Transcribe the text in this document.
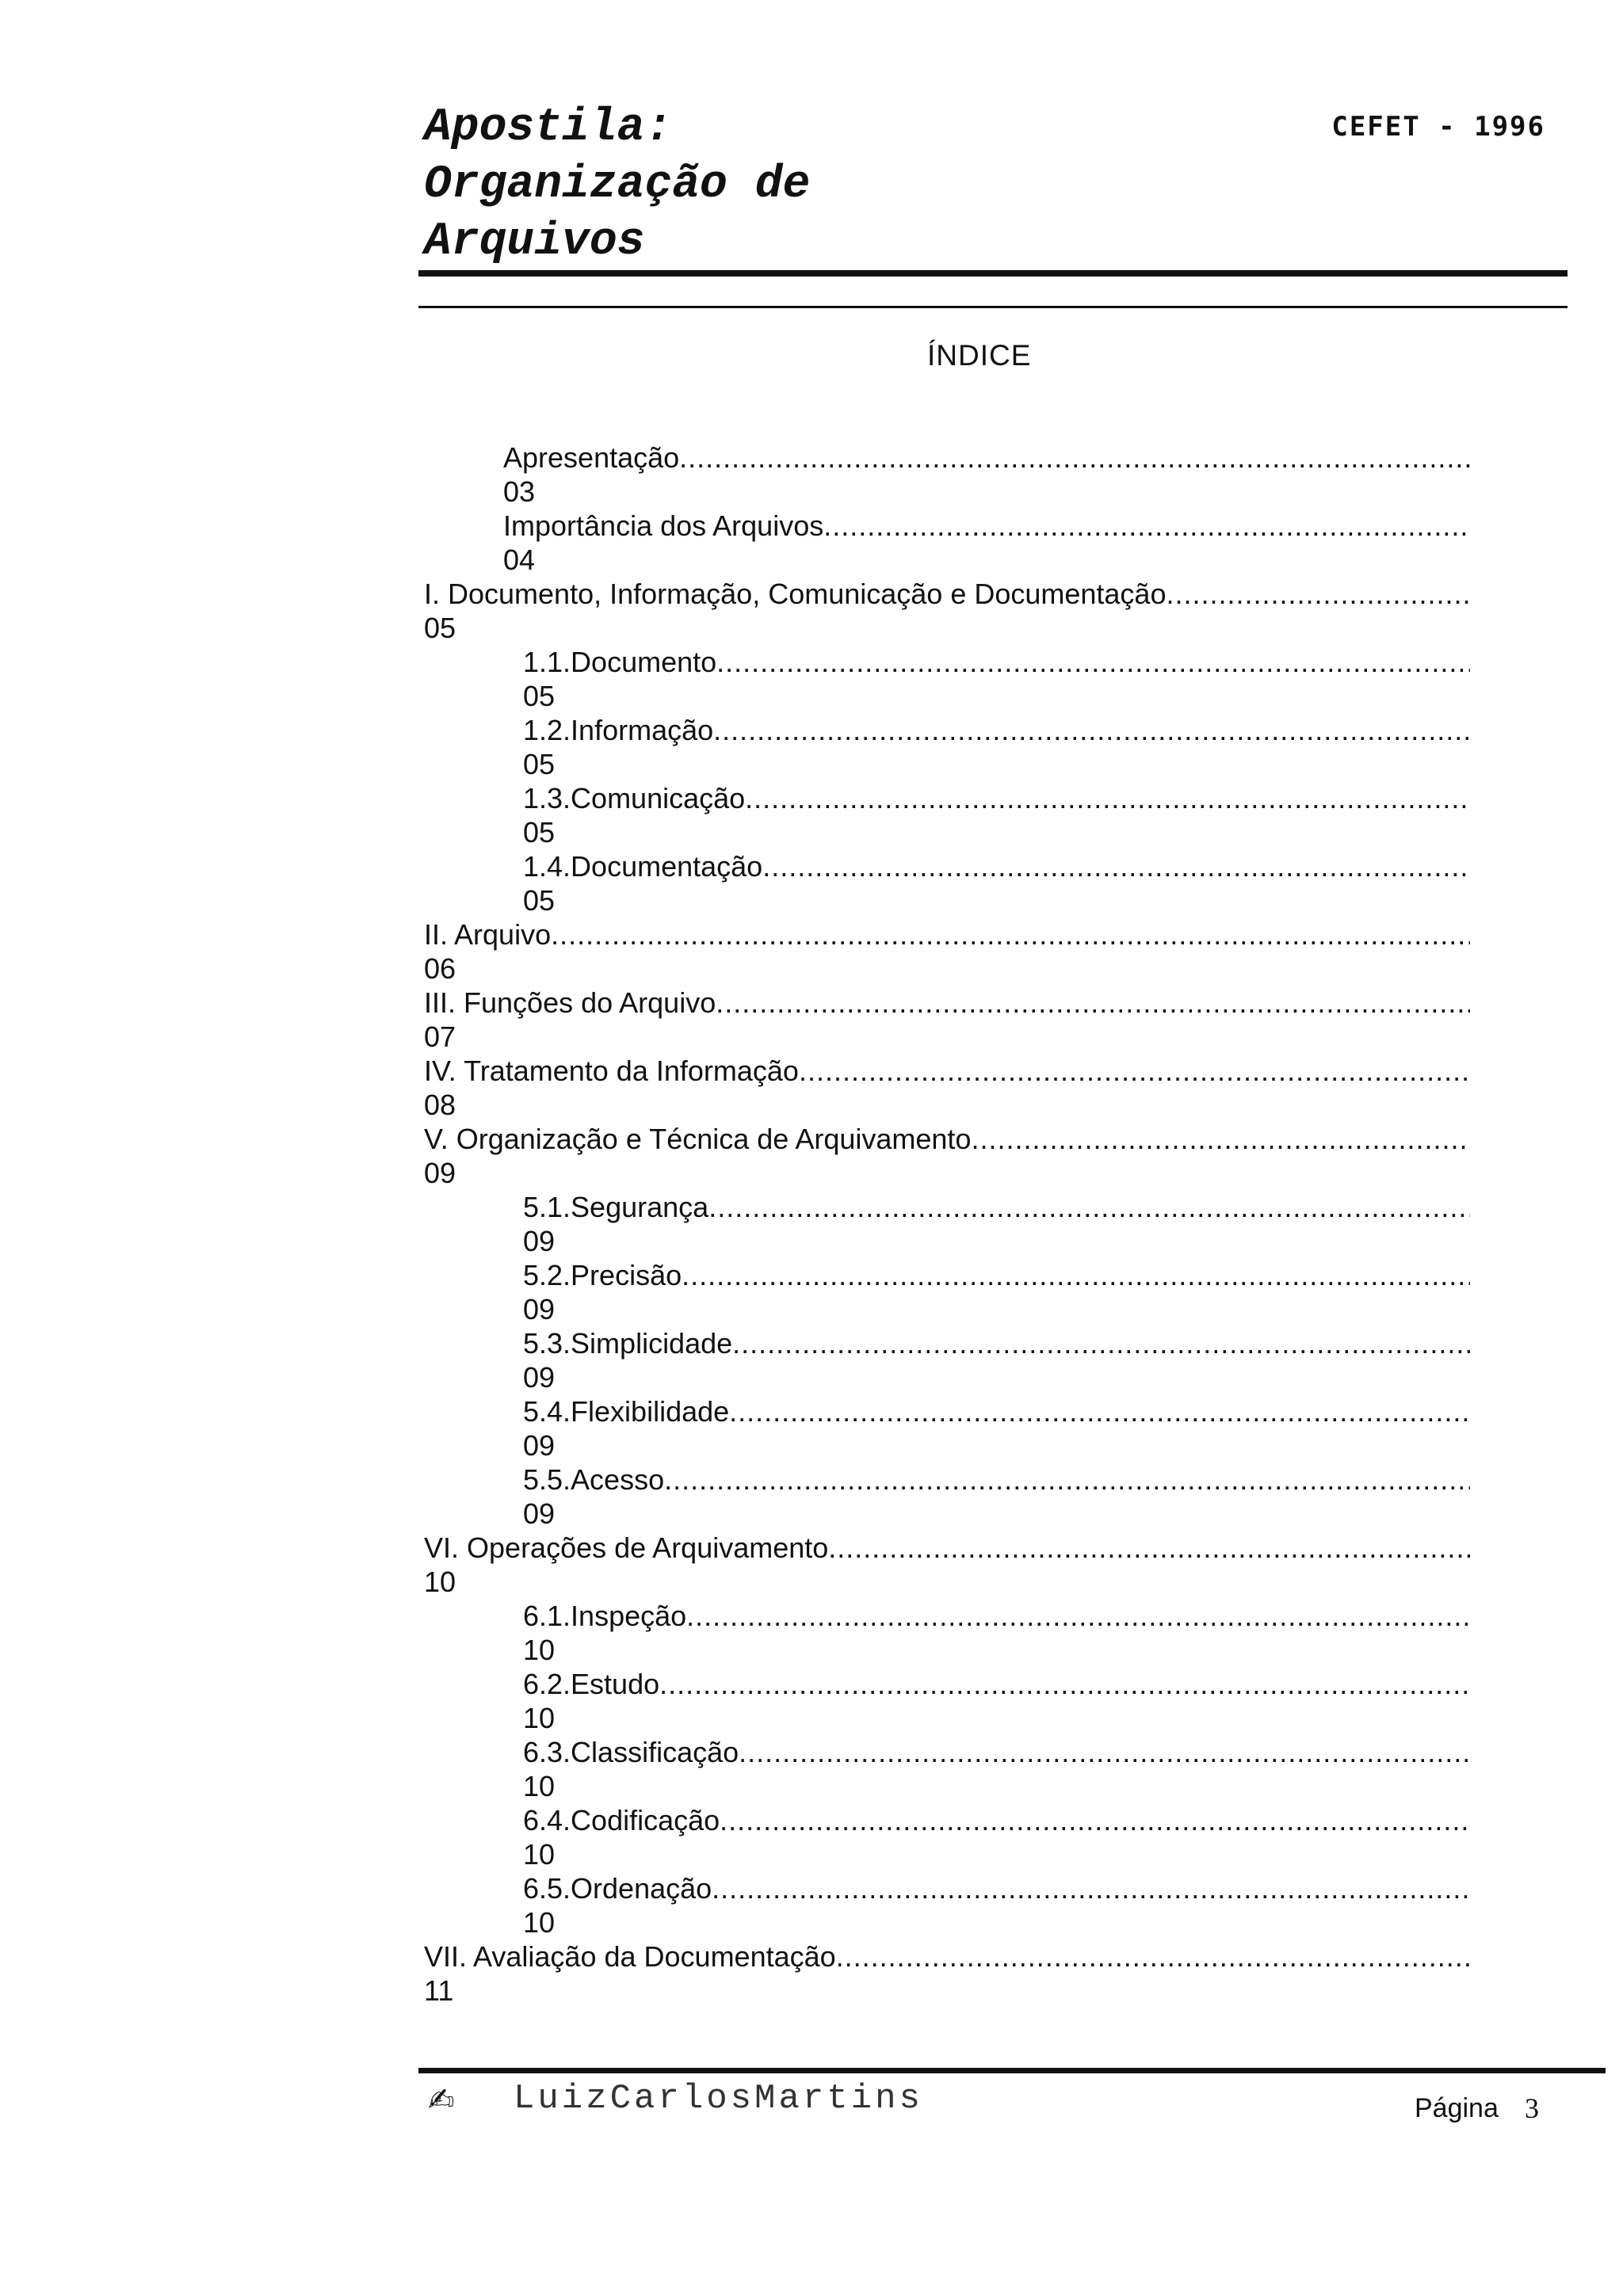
Apostila:
Organização de
Arquivos
CEFET - 1996
ÍNDICE
Apresentação
.....
03
Importância dos Arquivos
.....
04
I. Documento, Informação, Comunicação e Documentação
.....
05
1.1.Documento
.....
05
1.2.Informação
.....
05
1.3.Comunicação
.....
05
1.4.Documentação
.....
05
II. Arquivo
.....
06
III. Funções do Arquivo
.....
07
IV. Tratamento da Informação
.....
08
V. Organização e Técnica de Arquivamento
.....
09
5.1.Segurança
.....
09
5.2.Precisão
.....
09
5.3.Simplicidade
.....
09
5.4.Flexibilidade
.....
09
5.5.Acesso
.....
09
VI. Operações de Arquivamento
.....
10
6.1.Inspeção
.....
10
6.2.Estudo
.....
10
6.3.Classificação
.....
10
6.4.Codificação
.....
10
6.5.Ordenação
.....
10
VII. Avaliação da Documentação
.....
11
✍ LuizCarlosMartins	Página 3
